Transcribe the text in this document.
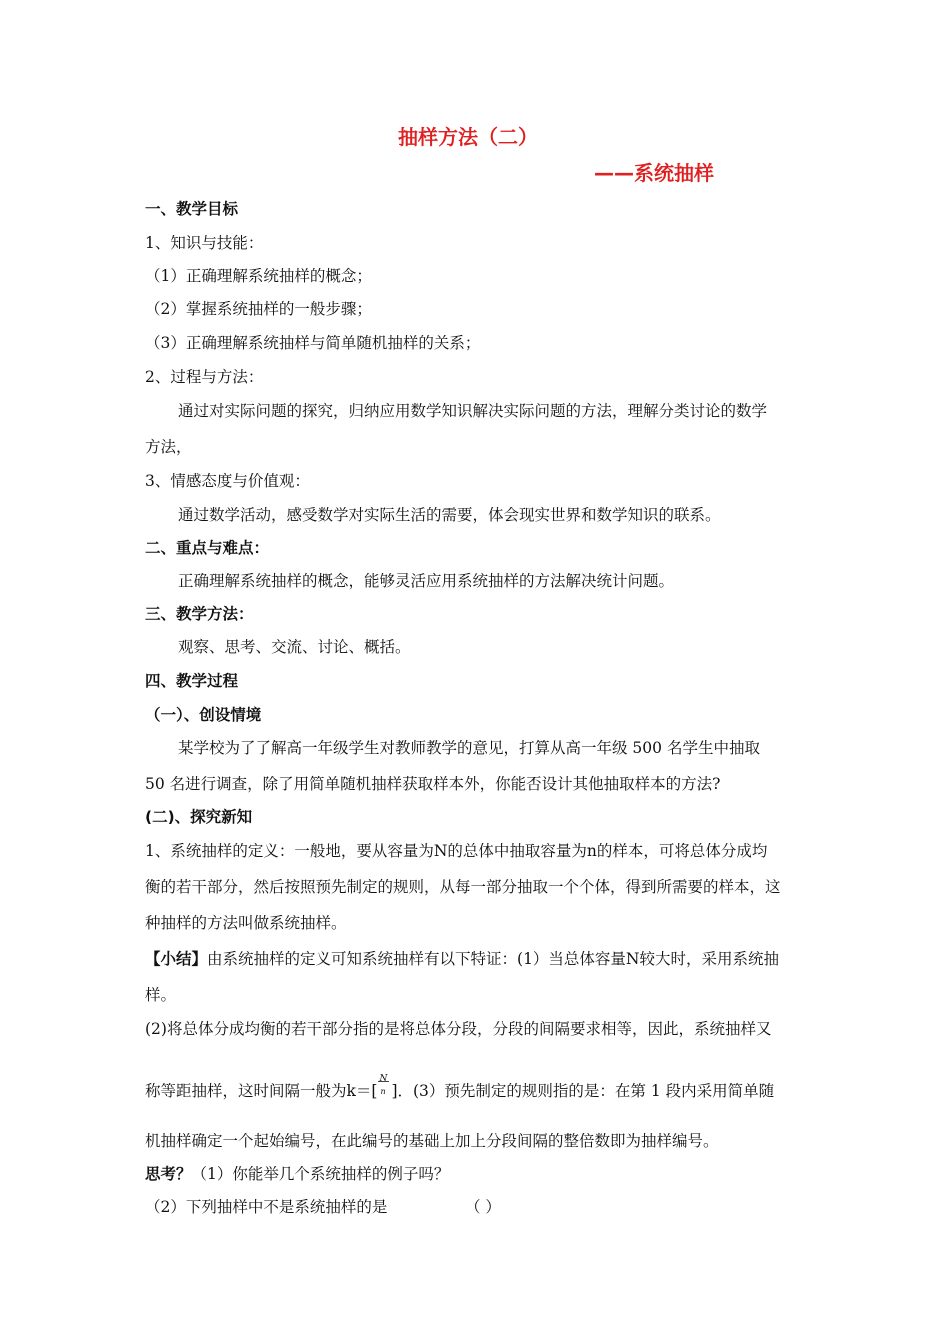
抽样方法（二）
——系统抽样
一、教学目标
1、知识与技能：
（1）正确理解系统抽样的概念；
（2）掌握系统抽样的一般步骤；
（3）正确理解系统抽样与简单随机抽样的关系；
2、过程与方法：
通过对实际问题的探究，归纳应用数学知识解决实际问题的方法，理解分类讨论的数学
方法，
3、情感态度与价值观：
通过数学活动，感受数学对实际生活的需要，体会现实世界和数学知识的联系。
二、重点与难点：
正确理解系统抽样的概念，能够灵活应用系统抽样的方法解决统计问题。
三、教学方法：
观察、思考、交流、讨论、概括。
四、教学过程
（一）、创设情境
某学校为了了解高一年级学生对教师教学的意见，打算从高一年级 500 名学生中抽取
50 名进行调查，除了用简单随机抽样获取样本外，你能否设计其他抽取样本的方法?
(二)、探究新知
1、系统抽样的定义：一般地，要从容量为N的总体中抽取容量为n的样本，可将总体分成均
衡的若干部分，然后按照预先制定的规则，从每一部分抽取一个个体，得到所需要的样本，这
种抽样的方法叫做系统抽样。
【小结】由系统抽样的定义可知系统抽样有以下特证：(1）当总体容量N较大时，采用系统抽
样。
(2)将总体分成均衡的若干部分指的是将总体分段，分段的间隔要求相等，因此，系统抽样又
称等距抽样，这时间隔一般为k＝[
N
n ]．(3）预先制定的规则指的是：在第 1 段内采用简单随
机抽样确定一个起始编号，在此编号的基础上加上分段间隔的整倍数即为抽样编号。
思考？（1）你能举几个系统抽样的例子吗？
（2）下列抽样中不是系统抽样的是	（ ）
